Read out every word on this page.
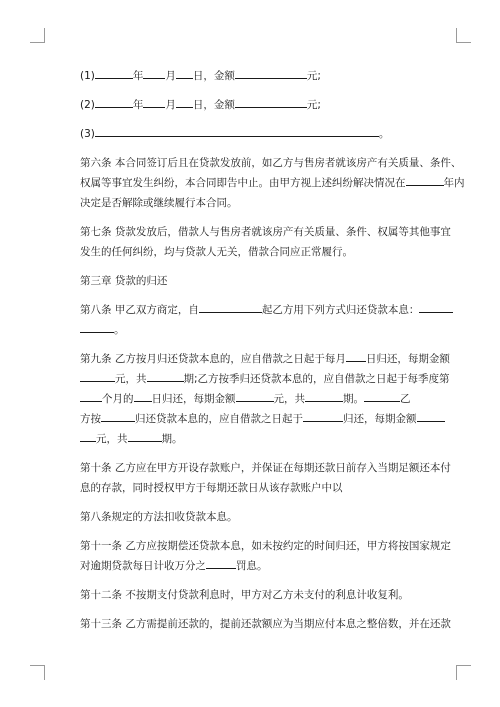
(1)	年 月 日，金额	元;
(2)	年 月 日，金额	元;
(3)	。
第六条 本合同签订后且在贷款发放前，如乙方与售房者就该房产有关质量、条件、
权属等事宜发生纠纷，本合同即告中止。由甲方视上述纠纷解决情况在	年内
决定是否解除或继续履行本合同。
第七条 贷款发放后，借款人与售房者就该房产有关质量、条件、权属等其他事宜
发生的任何纠纷，均与贷款人无关，借款合同应正常履行。
第三章 贷款的归还
第八条 甲乙双方商定，自	起乙方用下列方式归还贷款本息：
。
第九条 乙方按月归还贷款本息的，应自借款之日起于每月 日归还，每期金额
元，共	期;乙方按季归还贷款本息的，应自借款之日起于每季度第
个月的 日归还，每期金额	元，共	期。	乙
方按	归还贷款本息的，应自借款之日起于	归还，每期金额
元，共	期。
第十条 乙方应在甲方开设存款账户，并保证在每期还款日前存入当期足额还本付
息的存款，同时授权甲方于每期还款日从该存款账户中以
第八条规定的方法扣收贷款本息。
第十一条 乙方应按期偿还贷款本息，如未按约定的时间归还，甲方将按国家规定
对逾期贷款每日计收万分之	罚息。
第十二条 不按期支付贷款利息时，甲方对乙方未支付的利息计收复利。
第十三条 乙方需提前还款的，提前还款额应为当期应付本息之整倍数，并在还款
